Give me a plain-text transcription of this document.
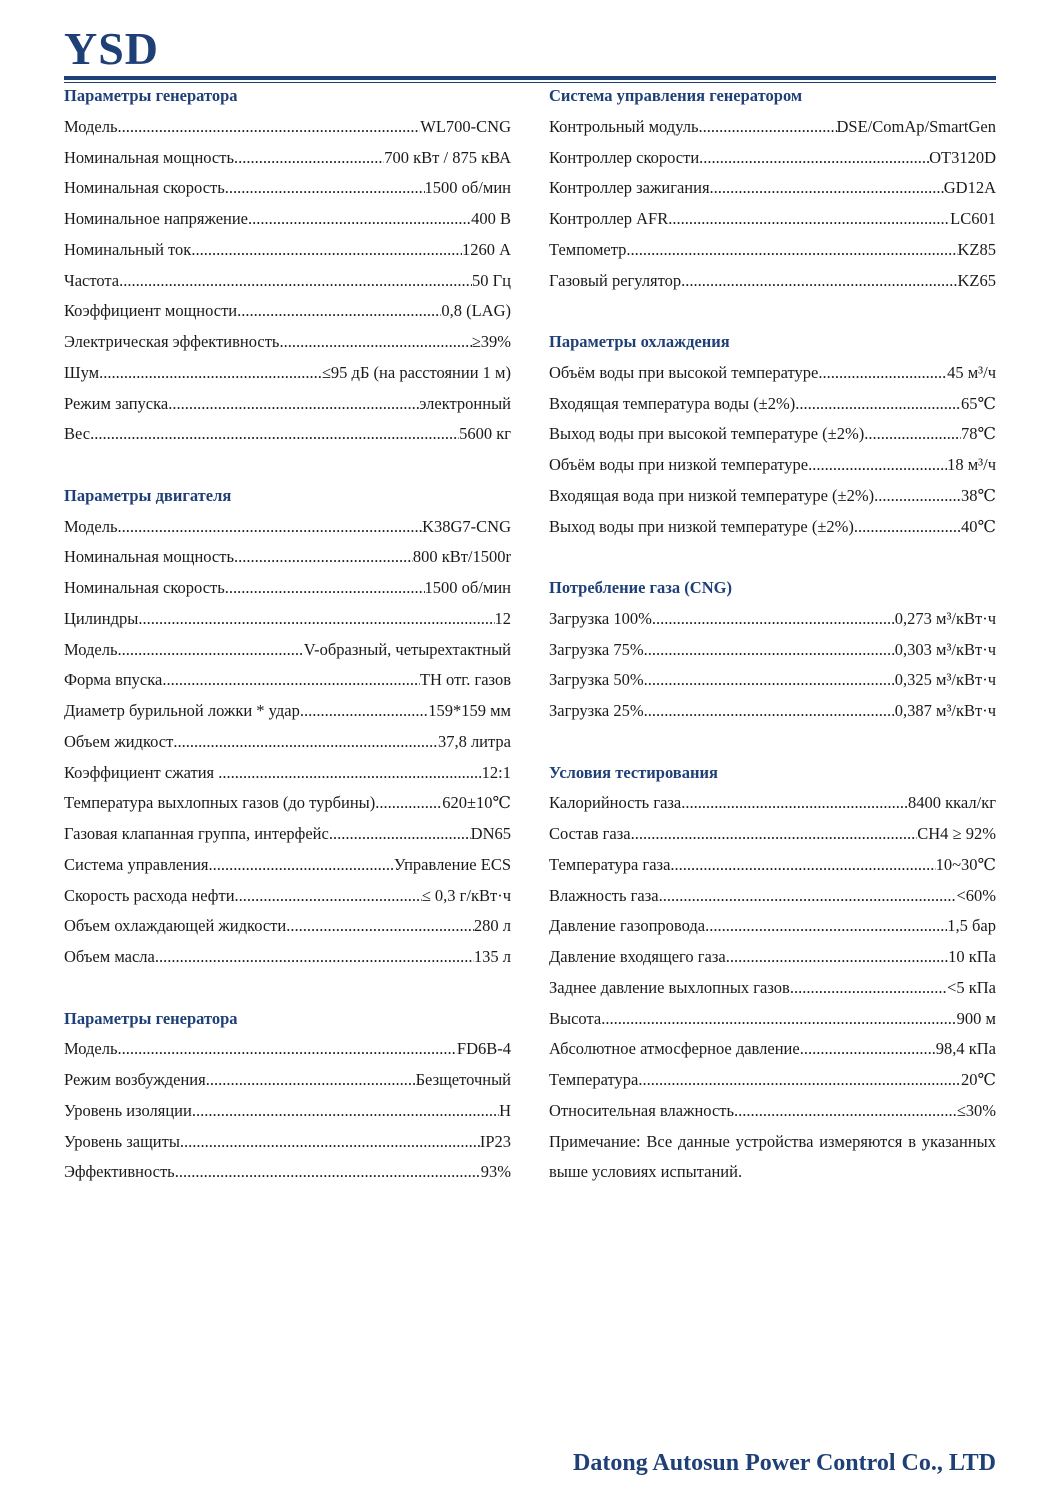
YSD
Параметры генератора
Модель .....	WL700-CNG
Номинальная мощность .....	700 кВт / 875 кВА
Номинальная скорость .....	1500 об/мин
Номинальное напряжение .....	400 В
Номинальный ток .....	1260 А
Частота .....	50 Гц
Коэффициент мощности .....	0,8 (LAG)
Электрическая эффективность .....	≥39%
Шум .....	≤95 дБ (на расстоянии 1 м)
Режим запуска .....	электронный
Вес .....	5600 кг
Параметры двигателя
Модель .....	K38G7-CNG
Номинальная мощность .....	800 кВт/1500r
Номинальная скорость .....	1500 об/мин
Цилиндры .....	12
Модель .....	V-образный, четырехтактный
Форма впуска .....	TH отг. газов
Диаметр бурильной ложки * удар .....	159*159 мм
Объем жидкост .....	37,8 литра
Коэффициент сжатия ............ .....	12:1
Температура выхлопных газов (до турбины) .....	620±10℃
Газовая клапанная группа, интерфейс .....	DN65
Система управления .....	Управление ECS
Скорость расхода нефти .....	≤ 0,3 г/кВт·ч
Объем охлаждающей жидкости .....	280 л
Объем масла .....	135 л
Параметры генератора
Модель .....	FD6B-4
Режим возбуждения .....	Безщеточный
Уровень изоляции .....	H
Уровень защиты .....	IP23
Эффективность .....	93%
Система управления генератором
Контрольный модуль .....	DSE/ComAp/SmartGen
Контроллер скорости .....	OT3120D
Контроллер зажигания .....	GD12A
Контроллер AFR .....	LC601
Темпометр .....	KZ85
Газовый регулятор .....	KZ65
Параметры охлаждения
Объём воды при высокой температуре .....	45 м³/ч
Входящая температура воды (±2%) .....	65℃
Выход воды при высокой температуре (±2%) .....	78℃
Объём воды при низкой температуре .....	18 м³/ч
Входящая вода при низкой температуре (±2%) .....	38℃
Выход воды при низкой температуре (±2%) .....	40℃
Потребление газа (CNG)
Загрузка 100% .....	0,273 м³/кВт·ч
Загрузка 75% .....	0,303 м³/кВт·ч
Загрузка 50% .....	0,325 м³/кВт·ч
Загрузка 25% .....	0,387 м³/кВт·ч
Условия тестирования
Калорийность газа .....	8400 ккал/кг
Состав газа .....	CH4 ≥ 92%
Температура газа .....	10~30℃
Влажность газа .....	<60%
Давление газопровода .....	1,5 бар
Давление входящего газа .....	10 кПа
Заднее давление выхлопных газов .....	<5 кПа
Высота .....	900 м
Абсолютное атмосферное давление .....	98,4 кПа
Температура .....	20℃
Относительная влажность .....	≤30%
Примечание: Все данные устройства измеряются в указанных выше условиях испытаний.
Datong Autosun Power Control Co., LTD
